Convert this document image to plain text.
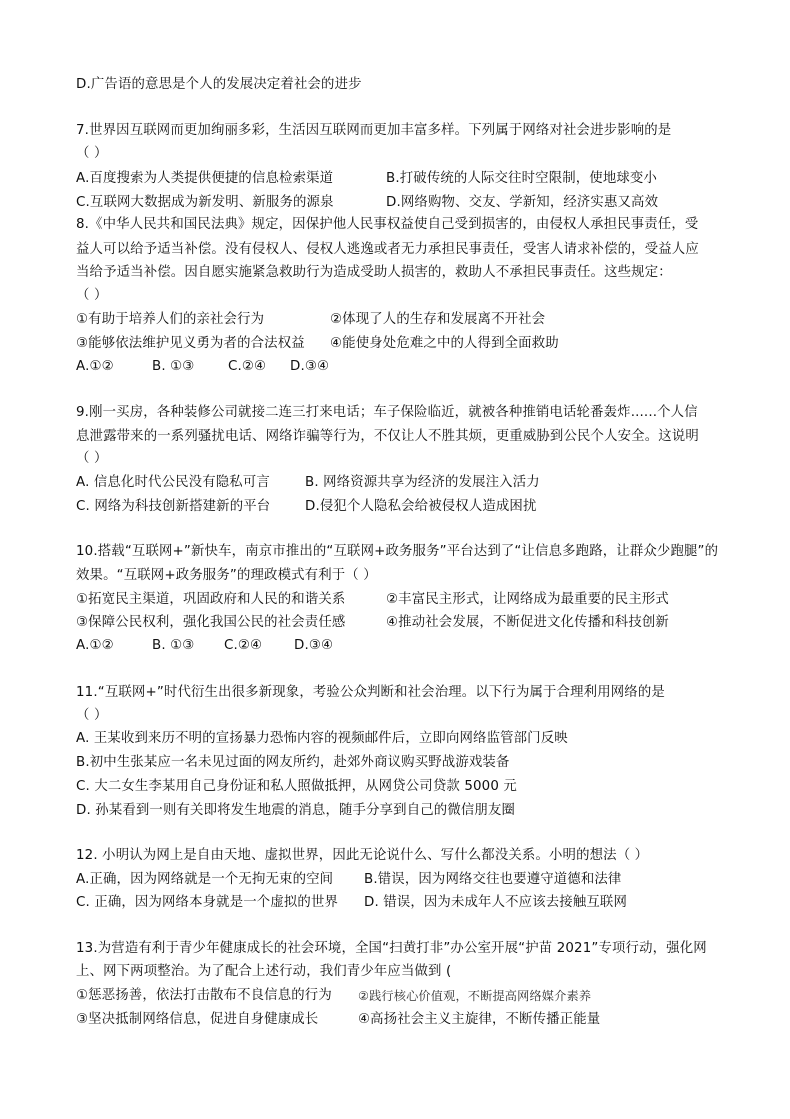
D.广告语的意思是个人的发展决定着社会的进步

7.世界因互联网而更加绚丽多彩，生活因互联网而更加丰富多样。下列属于网络对社会进步影响的是

（ ）

A.百度搜索为人类提供便捷的信息检索渠道	B.打破传统的人际交往时空限制，使地球变小

C.互联网大数据成为新发明、新服务的源泉	D.网络购物、交友、学新知，经济实惠又高效

8.《中华人民共和国民法典》规定，因保护他人民事权益使自己受到损害的，由侵权人承担民事责任，受

益人可以给予适当补偿。没有侵权人、侵权人逃逸或者无力承担民事责任，受害人请求补偿的，受益人应

当给予适当补偿。因自愿实施紧急救助行为造成受助人损害的，救助人不承担民事责任。这些规定：

（ ）

①有助于培养人们的亲社会行为	②体现了人的生存和发展离不开社会

③能够依法维护见义勇为者的合法权益 ④能使身处危难之中的人得到全面救助

A.①②	B. ①③	C.②④ D.③④

9.刚一买房，各种装修公司就接二连三打来电话；车子保险临近，就被各种推销电话轮番轰炸......个人信

息泄露带来的一系列骚扰电话、网络诈骗等行为，不仅让人不胜其烦，更重威胁到公民个人安全。这说明

（ ）

A. 信息化时代公民没有隐私可言	B. 网络资源共享为经济的发展注入活力

C. 网络为科技创新搭建新的平台	D.侵犯个人隐私会给被侵权人造成困扰

10.搭载“互联网+”新快车，南京市推出的“互联网+政务服务”平台达到了“让信息多跑路，让群众少跑腿”的

效果。“互联网+政务服务”的理政模式有利于（ ）

①拓宽民主渠道，巩固政府和人民的和谐关系	②丰富民主形式，让网络成为最重要的民主形式

③保障公民权利，强化我国公民的社会责任感	④推动社会发展，不断促进文化传播和科技创新

A.①②	B. ①③ C.②④ D.③④

11.“互联网+”时代衍生出很多新现象，考验公众判断和社会治理。以下行为属于合理利用网络的是

（ ）

A. 王某收到来历不明的宣扬暴力恐怖内容的视频邮件后，立即向网络监管部门反映

B.初中生张某应一名未见过面的网友所约，赴郊外商议购买野战游戏装备

C. 大二女生李某用自己身份证和私人照做抵押，从网贷公司贷款 5000 元

D. 孙某看到一则有关即将发生地震的消息，随手分享到自己的微信朋友圈

12. 小明认为网上是自由天地、虚拟世界，因此无论说什么、写什么都没关系。小明的想法（ ）

A.正确，因为网络就是一个无拘无束的空间 B.错误，因为网络交往也要遵守道德和法律

C. 正确，因为网络本身就是一个虚拟的世界 D. 错误，因为未成年人不应该去接触互联网

13.为营造有利于青少年健康成长的社会环境，全国“扫黄打非”办公室开展“护苗 2021”专项行动，强化网

上、网下两项整治。为了配合上述行动，我们青少年应当做到 (

①惩恶扬善，依法打击散布不良信息的行为 ②践行核心价值观，不断提高网络媒介素养

③坚决抵制网络信息，促进自身健康成长	④高扬社会主义主旋律，不断传播正能量
